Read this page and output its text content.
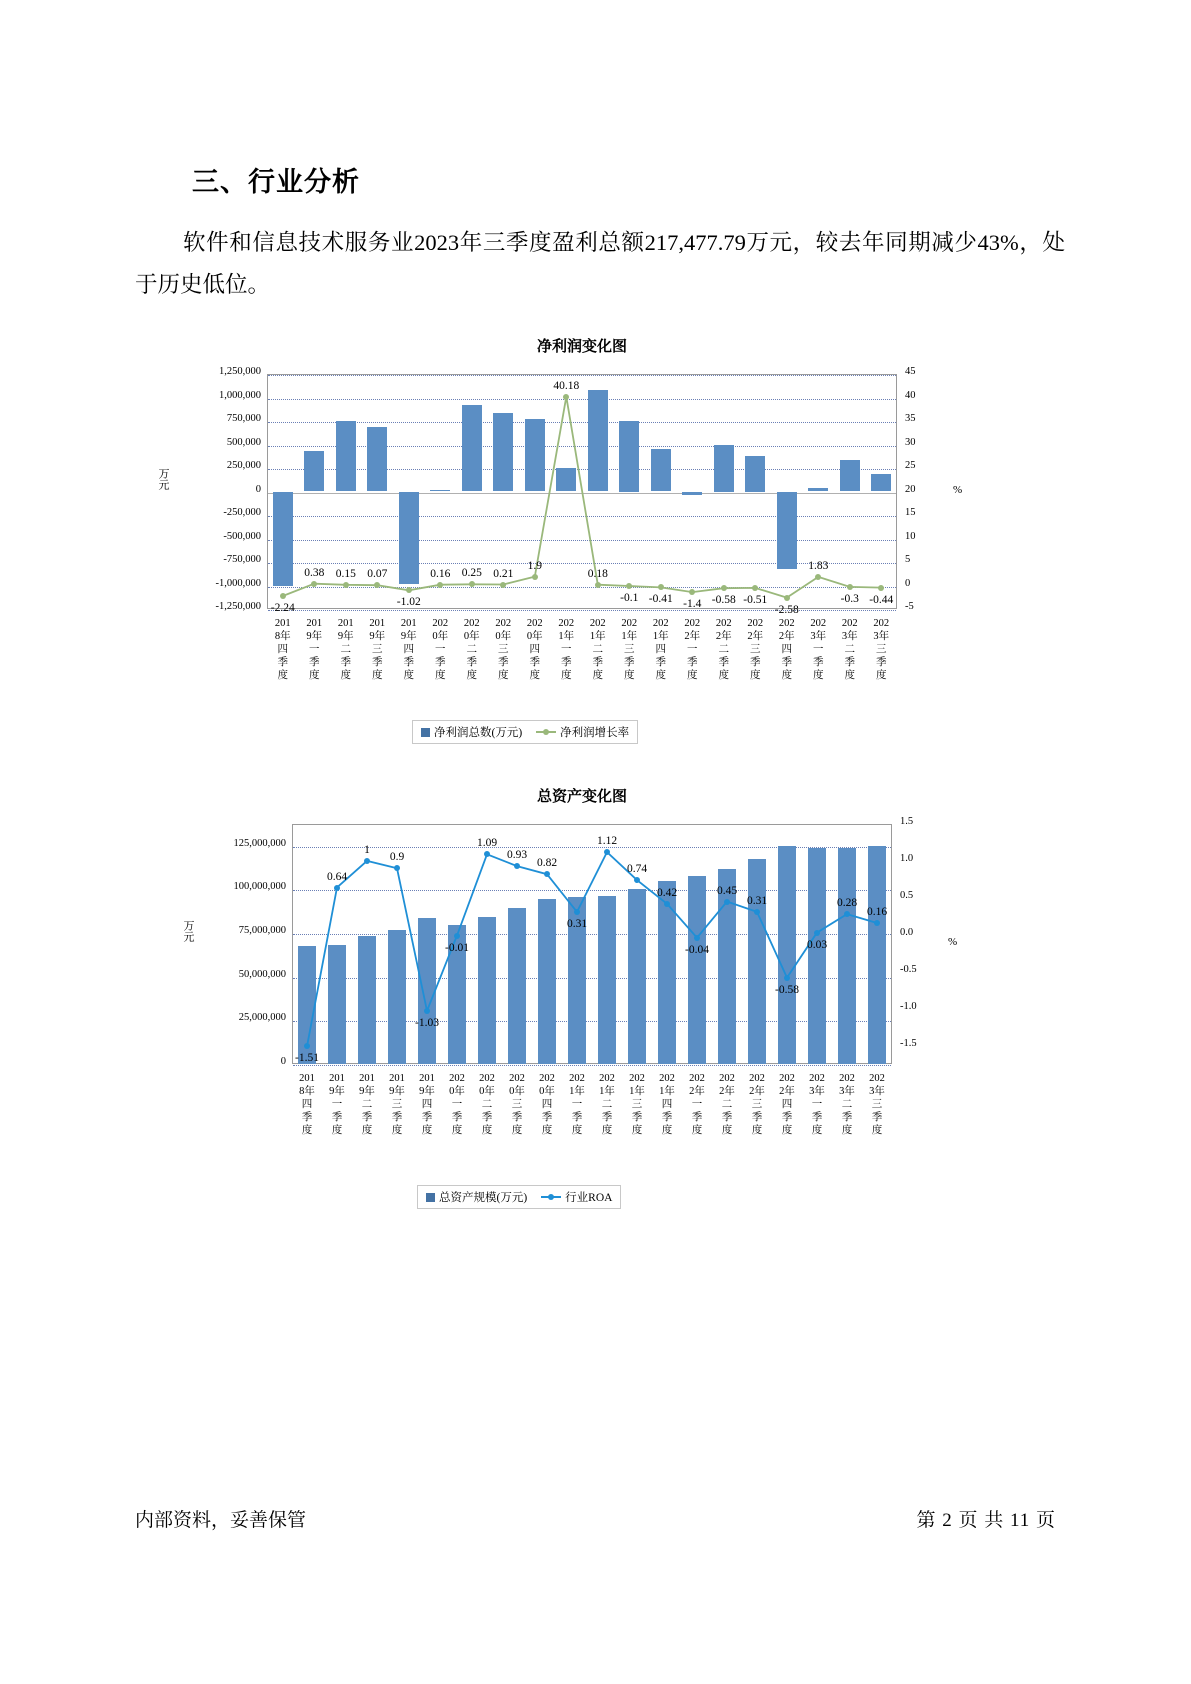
三、行业分析
软件和信息技术服务业2023年三季度盈利总额217,477.79万元，较去年同期减少43%，处于历史低位。
净利润变化图
1,250,000
1,000,000
750,000
500,000
250,000
0
-250,000
-500,000
-750,000
-1,000,000
-1,250,000
45
40
35
30
25
20
15
10
5
0
-5
万元	%
-2.24
0.38 0.15 0.07
-1.02
0.16 0.25 0.21
1.9
40.18
0.18
-0.1 -0.41 -1.4 -0.58 -0.51
-2.58
1.83
-0.3 -0.44
201
8年
四
季
度
201
9年
一
季
度
201
9年
二
季
度
201
9年
三
季
度
201
9年
四
季
度
202
0年
一
季
度
202
0年
二
季
度
202
0年
三
季
度
202
0年
四
季
度
202
1年
一
季
度
202
1年
二
季
度
202
1年
三
季
度
202
1年
四
季
度
202
2年
一
季
度
202
2年
二
季
度
202
2年
三
季
度
202
2年
四
季
度
202
3年
一
季
度
202
3年
二
季
度
202
3年
三
季
度
净利润总数(万元)	净利润增长率
总资产变化图
125,000,000
100,000,000
75,000,000
50,000,000
25,000,000
0
1.5
1.0
0.5
0.0
-0.5
-1.0
-1.5
万元	%
-1.51
0.64
1
0.9
-1.03
-0.01
1.09
0.93
0.82
0.31
1.12
0.74
0.42
-0.04
0.45
0.31
-0.58
0.03
0.28
0.16
201
8年
四
季
度
201
9年
一
季
度
201
9年
二
季
度
201
9年
三
季
度
201
9年
四
季
度
202
0年
一
季
度
202
0年
二
季
度
202
0年
三
季
度
202
0年
四
季
度
202
1年
一
季
度
202
1年
二
季
度
202
1年
三
季
度
202
1年
四
季
度
202
2年
一
季
度
202
2年
二
季
度
202
2年
三
季
度
202
2年
四
季
度
202
3年
一
季
度
202
3年
二
季
度
202
3年
三
季
度
总资产规模(万元)	行业ROA
内部资料，妥善保管	第 2 页 共 11 页
